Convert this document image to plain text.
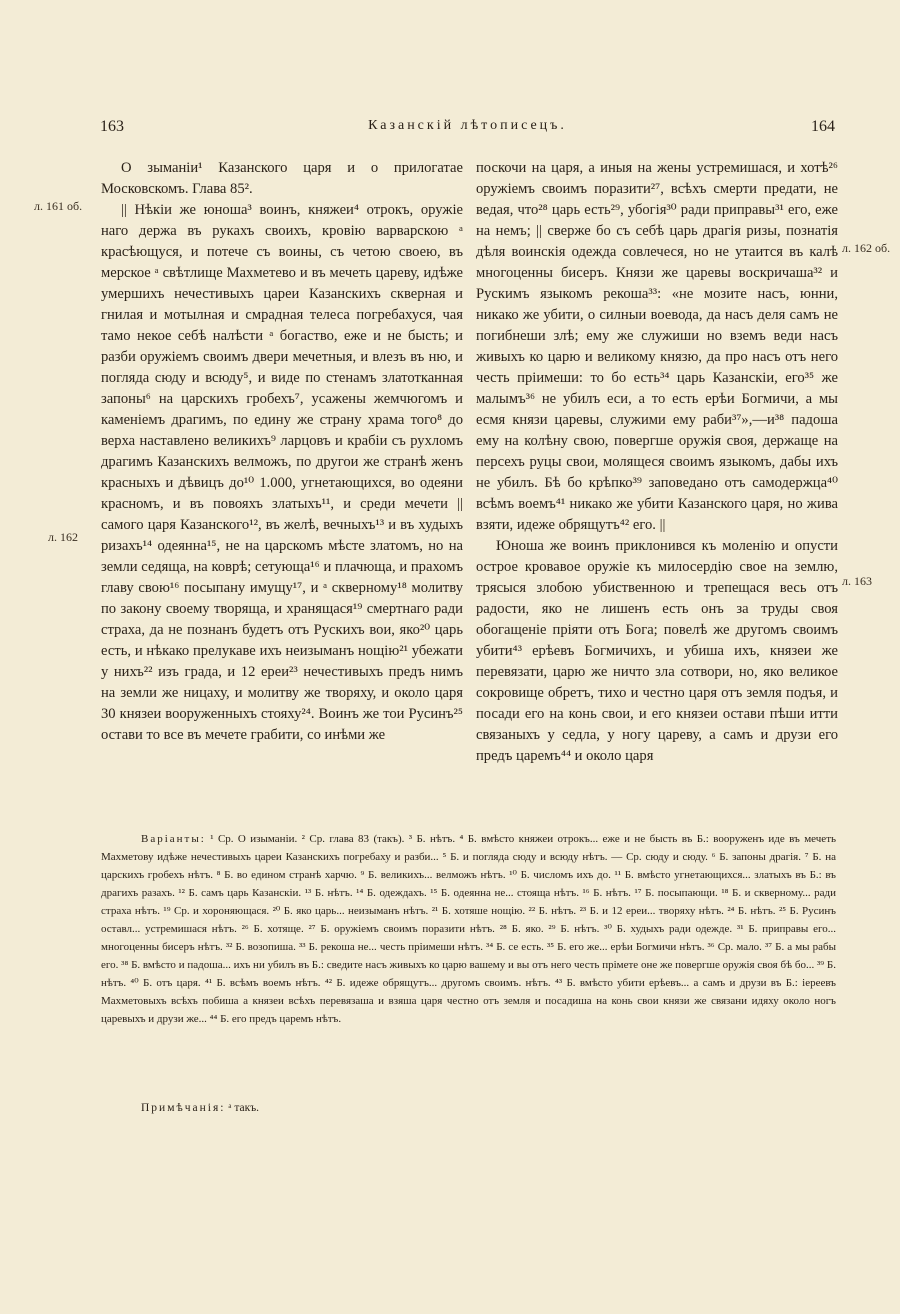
163	Казанскій лѣтописецъ.	164
л. 161 об.
л. 162
л. 162 об.
л. 163

О зыманіи¹ Казанского царя и о прилогатае Московскомъ. Глава 85².

|| Нѣкіи же юноша³ воинъ, княжеи⁴ отрокъ, оружіе наго держа въ рукахъ своихъ, кровію варварскою ᵃ красѣющуся, и потече съ воины, съ четою своею, въ мерское ᵃ свѣтлище Махметево и въ мечеть цареву, идѣже умершихъ нечестивыхъ цареи Казанскихъ скверная и гнилая и мотылная и смрадная телеса погребахуся, чая тамо некое себѣ налѣсти ᵃ богаство, еже и не бысть; и разби оружіемъ своимъ двери мечетныя, и влезъ въ ню, и погляда сюду и всюду⁵, и виде по стенамъ златотканная запоны⁶ на царскихъ гробехъ⁷, усажены жемчюгомъ и каменіемъ драгимъ, по едину же страну храма того⁸ до верха наставлено великихъ⁹ ларцовъ и крабіи съ рухломъ драгимъ Казанскихъ велможъ, по другои же странѣ женъ красныхъ и дѣвицъ до¹⁰ 1.000, угнетающихся, во одеяни красномъ, и въ повояхъ златыхъ¹¹, и среди мечети || самого царя Казанского¹², въ желѣ, вечныхъ¹³ и въ худыхъ ризахъ¹⁴ одеянна¹⁵, не на царскомъ мѣсте златомъ, но на земли седяща, на коврѣ; сетующа¹⁶ и плачюща, и прахомъ главу свою¹⁶ посыпану имущу¹⁷, и ᵃ скверному¹⁸ молитву по закону своему творяща, и хранящася¹⁹ смертнаго ради страха, да не познанъ будетъ отъ Рускихъ вои, яко²⁰ царь есть, и нѣкако прелукаве ихъ неизыманъ нощію²¹ убежати у нихъ²² изъ града, и 12 ереи²³ нечестивыхъ предъ нимъ на земли же ницаху, и молитву же творяху, и около царя 30 князеи вооруженныхъ стояху²⁴. Воинъ же тои Русинъ²⁵ остави то все въ мечете грабити, со инѣми же

поскочи на царя, а иныя на жены устремишася, и хотѣ²⁶ оружіемъ своимъ поразити²⁷, всѣхъ смерти предати, не ведая, что²⁸ царь есть²⁹, убогія³⁰ ради приправы³¹ его, еже на немъ; || сверже бо съ себѣ царь драгія ризы, познатія дѣля воинскія одежда совлечеся, но не утаится въ калѣ многоценны бисеръ. Князи же царевы воскричаша³² и Рускимъ языкомъ рекоша³³: «не мозите насъ, юнни, никако же убити, о силныи воевода, да насъ деля самъ не погибнеши злѣ; ему же служиши но вземъ веди насъ живыхъ ко царю и великому князю, да про насъ отъ него честь пріимеши: то бо есть³⁴ царь Казанскіи, его³⁵ же малымъ³⁶ не убилъ еси, а то есть ерѣи Богмичи, а мы есмя князи царевы, служими ему раби³⁷»,—и³⁸ падоша ему на колѣну свою, повергше оружія своя, держаще на персехъ руцы свои, молящеся своимъ языкомъ, дабы ихъ не убилъ. Бѣ бо крѣпко³⁹ заповедано отъ самодержца⁴⁰ всѣмъ воемъ⁴¹ никако же убити Казанского царя, но жива взяти, идеже обрящутъ⁴² его. ||

Юноша же воинъ приклонився къ моленію и опусти острое кровавое оружіе къ милосердію свое на землю, трясыся злобою убиственною и трепещася весь отъ радости, яко не лишенъ есть онъ за труды своя обогащеніе пріяти отъ Бога; повелѣ же другомъ своимъ убити⁴³ ерѣевъ Богмичихъ, и убиша ихъ, князеи же перевязати, царю же ничто зла сотвори, но, яко великое сокровище обретъ, тихо и честно царя отъ земля подъя, и посади его на конь свои, и его князеи остави пѣши итти связаныхъ у седла, у ногу цареву, а самъ и друзи его предъ царемъ⁴⁴ и около царя

Варіанты: ¹ Ср. О изыманіи. ² Ср. глава 83 (такъ). ³ Б. нѣтъ. ⁴ Б. вмѣсто княжеи отрокъ... еже и не бысть въ Б.: вооруженъ иде въ мечеть Махметову идѣже нечестивыхъ цареи Казанскихъ погребаху и разби... ⁵ Б. и погляда сюду и всюду нѣтъ. — Ср. сюду и сюду. ⁶ Б. запоны драгія. ⁷ Б. на царскихъ гробехъ нѣтъ. ⁸ Б. во едином странѣ харчю. ⁹ Б. великихъ... велможъ нѣтъ. ¹⁰ Б. числомъ ихъ до. ¹¹ Б. вмѣсто угнетающихся... златыхъ въ Б.: въ драгихъ разахъ. ¹² Б. самъ царь Казанскіи. ¹³ Б. нѣтъ. ¹⁴ Б. одеждахъ. ¹⁵ Б. одеянна не... стояща нѣтъ. ¹⁶ Б. нѣтъ. ¹⁷ Б. посыпающи. ¹⁸ Б. и скверному... ради страха нѣтъ. ¹⁹ Ср. и хороняющася. ²⁰ Б. яко царь... неизыманъ нѣтъ. ²¹ Б. хотяше нощію. ²² Б. нѣтъ. ²³ Б. и 12 ереи... творяху нѣтъ. ²⁴ Б. нѣтъ. ²⁵ Б. Русинъ оставл... устремишася нѣтъ. ²⁶ Б. хотяще. ²⁷ Б. оружіемъ своимъ поразити нѣтъ. ²⁸ Б. яко. ²⁹ Б. нѣтъ. ³⁰ Б. худыхъ ради одежде. ³¹ Б. приправы его... многоценны бисеръ нѣтъ. ³² Б. возопиша. ³³ Б. рекоша не... честь пріимеши нѣтъ. ³⁴ Б. се есть. ³⁵ Б. его же... ерѣи Богмичи нѣтъ. ³⁶ Ср. мало. ³⁷ Б. а мы рабы его. ³⁸ Б. вмѣсто и падоша... ихъ ни убилъ въ Б.: сведите насъ живыхъ ко царю вашему и вы отъ него честь прімете оне же повергше оружія своя бѣ бо... ³⁹ Б. нѣтъ. ⁴⁰ Б. отъ царя. ⁴¹ Б. всѣмъ воемъ нѣтъ. ⁴² Б. идеже обрящутъ... другомъ своимъ. нѣтъ. ⁴³ Б. вмѣсто убити ерѣевъ... а самъ и друзи въ Б.: іереевъ Махметовыхъ всѣхъ побиша а князеи всѣхъ перевязаша и взяша царя честно отъ земля и посадиша на конь свои князи же связани идяху около ногъ царевыхъ и друзи же... ⁴⁴ Б. его предъ царемъ нѣтъ.

Примѣчанія: ᵃ такъ.
